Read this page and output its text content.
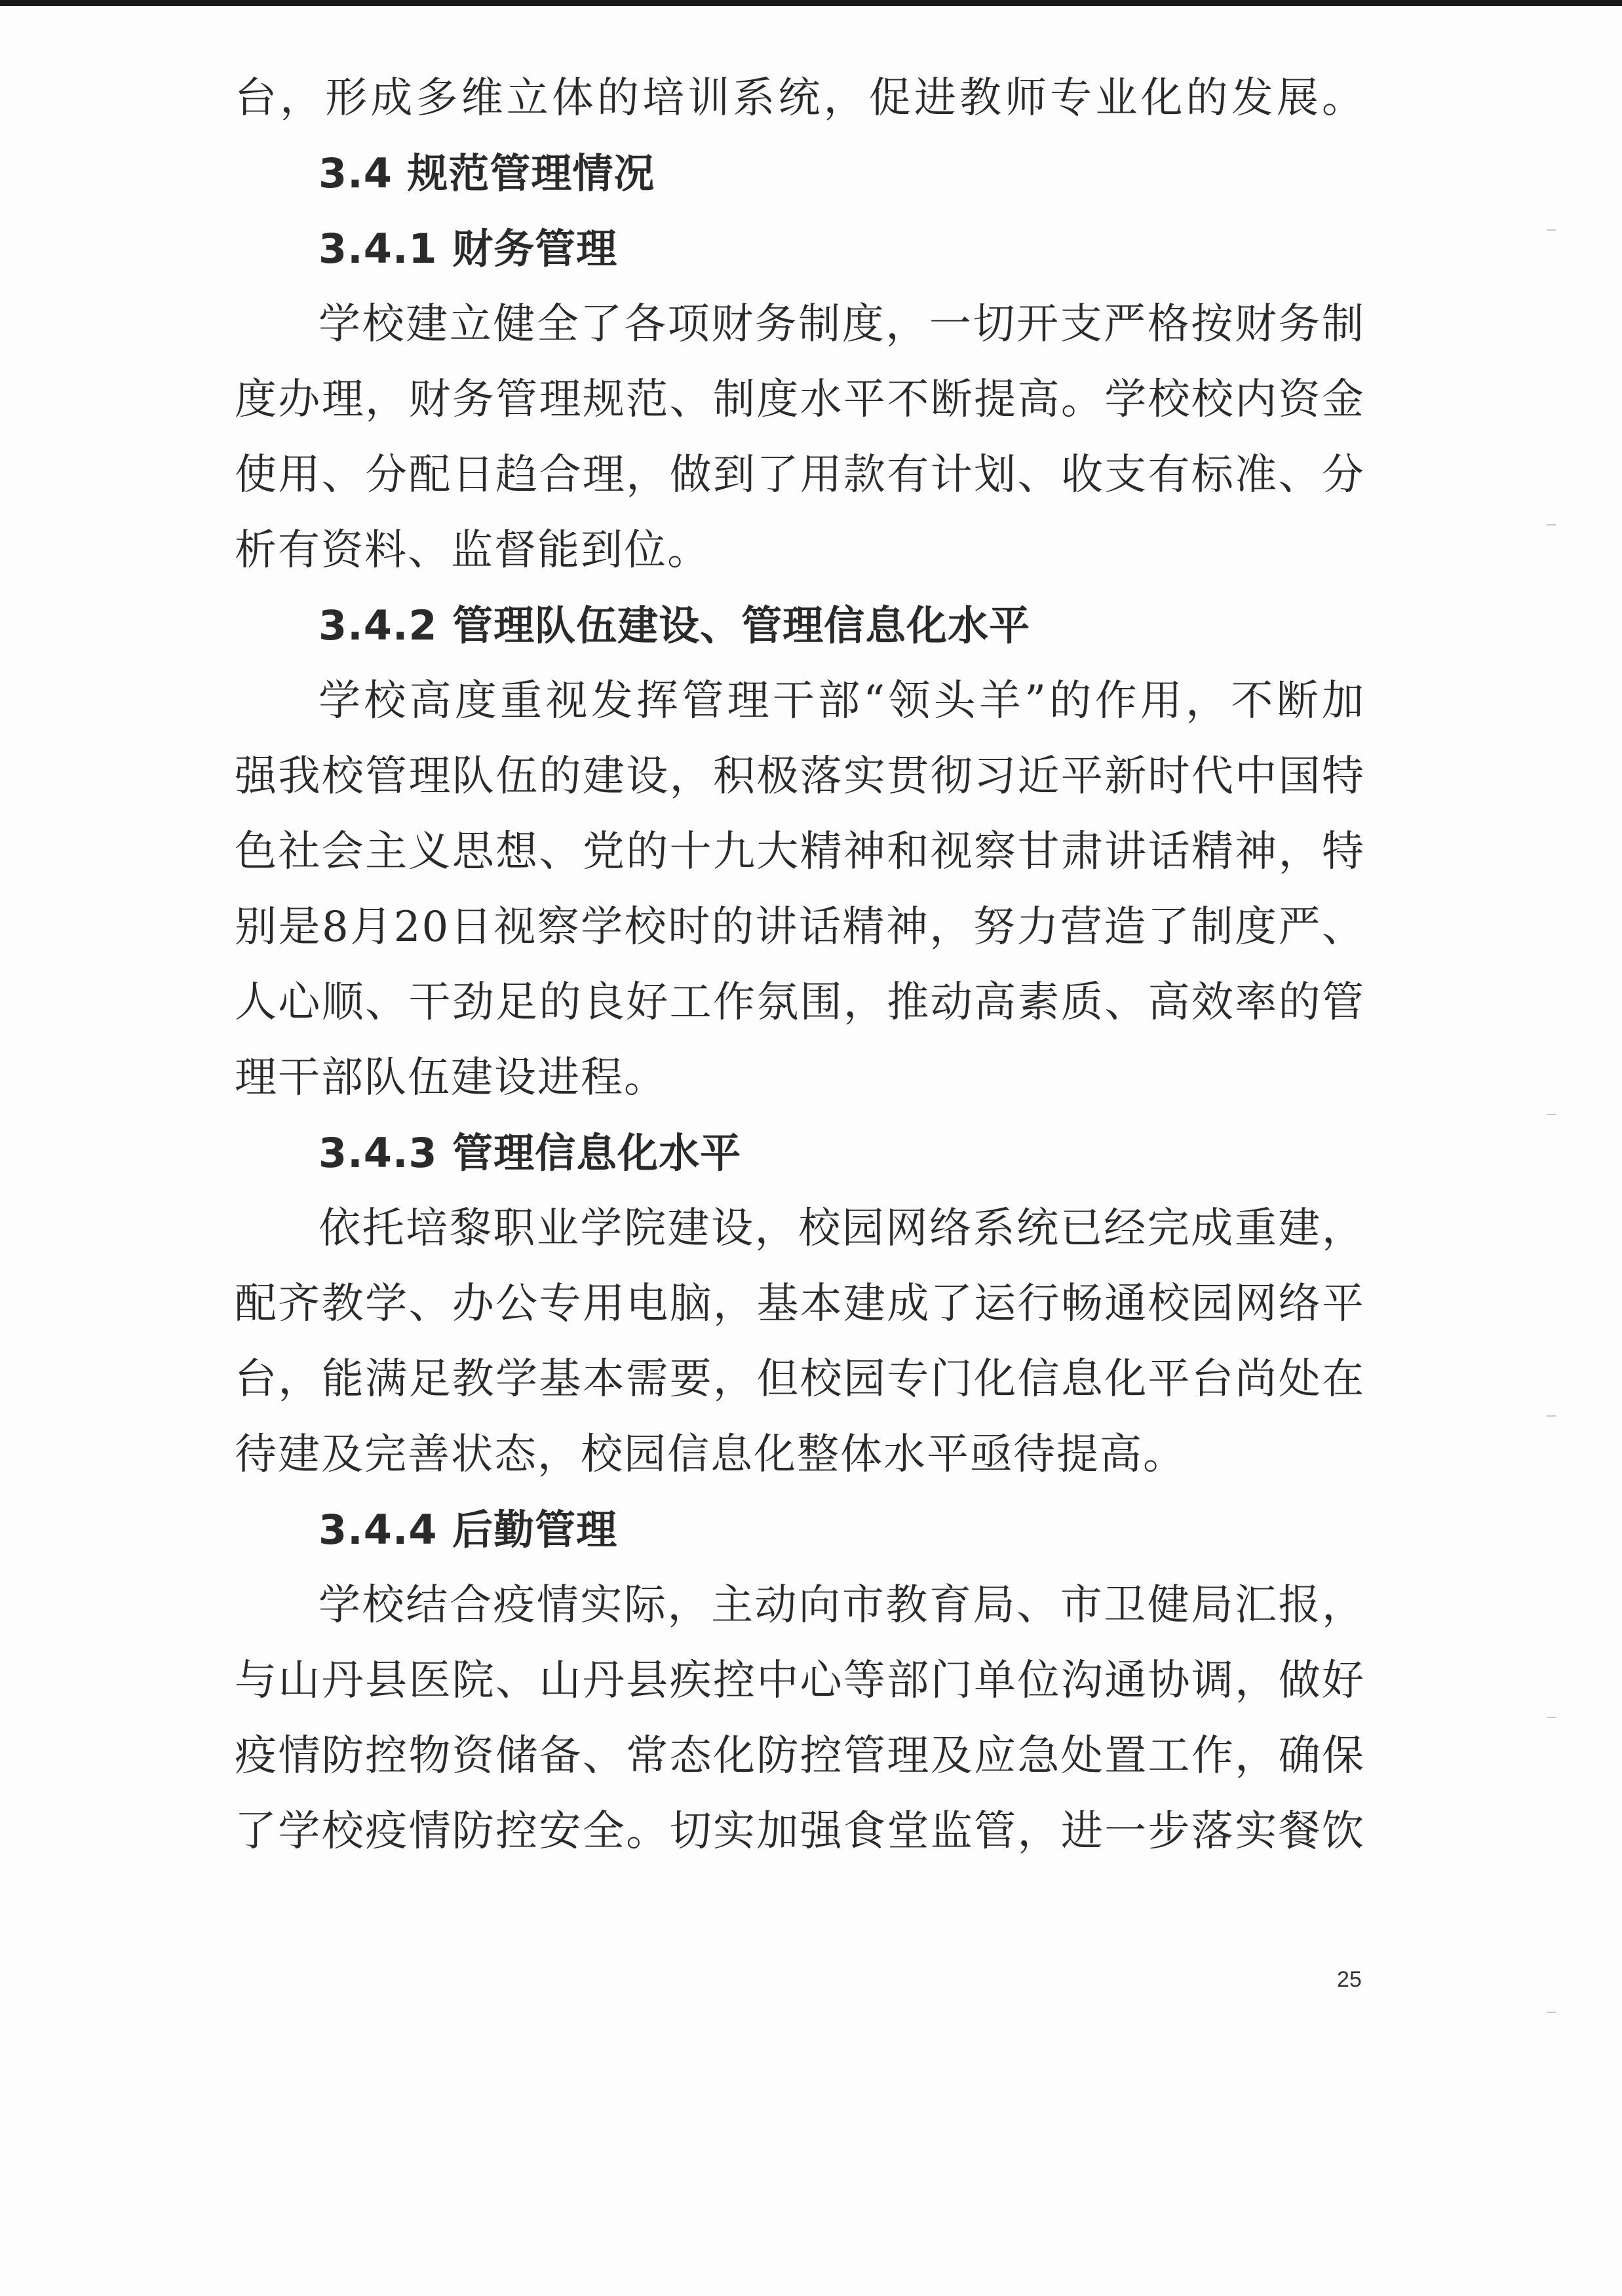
台，形成多维立体的培训系统，促进教师专业化的发展。
3.4 规范管理情况
3.4.1 财务管理
学校建立健全了各项财务制度，一切开支严格按财务制
度办理，财务管理规范、制度水平不断提高。学校校内资金
使用、分配日趋合理，做到了用款有计划、收支有标准、分
析有资料、监督能到位。
3.4.2 管理队伍建设、管理信息化水平
学校高度重视发挥管理干部“领头羊”的作用，不断加
强我校管理队伍的建设，积极落实贯彻习近平新时代中国特
色社会主义思想、党的十九大精神和视察甘肃讲话精神，特
别是8月20日视察学校时的讲话精神，努力营造了制度严、
人心顺、干劲足的良好工作氛围，推动高素质、高效率的管
理干部队伍建设进程。
3.4.3 管理信息化水平
依托培黎职业学院建设，校园网络系统已经完成重建，
配齐教学、办公专用电脑，基本建成了运行畅通校园网络平
台，能满足教学基本需要，但校园专门化信息化平台尚处在
待建及完善状态，校园信息化整体水平亟待提高。
3.4.4 后勤管理
学校结合疫情实际，主动向市教育局、市卫健局汇报，
与山丹县医院、山丹县疾控中心等部门单位沟通协调，做好
疫情防控物资储备、常态化防控管理及应急处置工作，确保
了学校疫情防控安全。切实加强食堂监管，进一步落实餐饮
25
